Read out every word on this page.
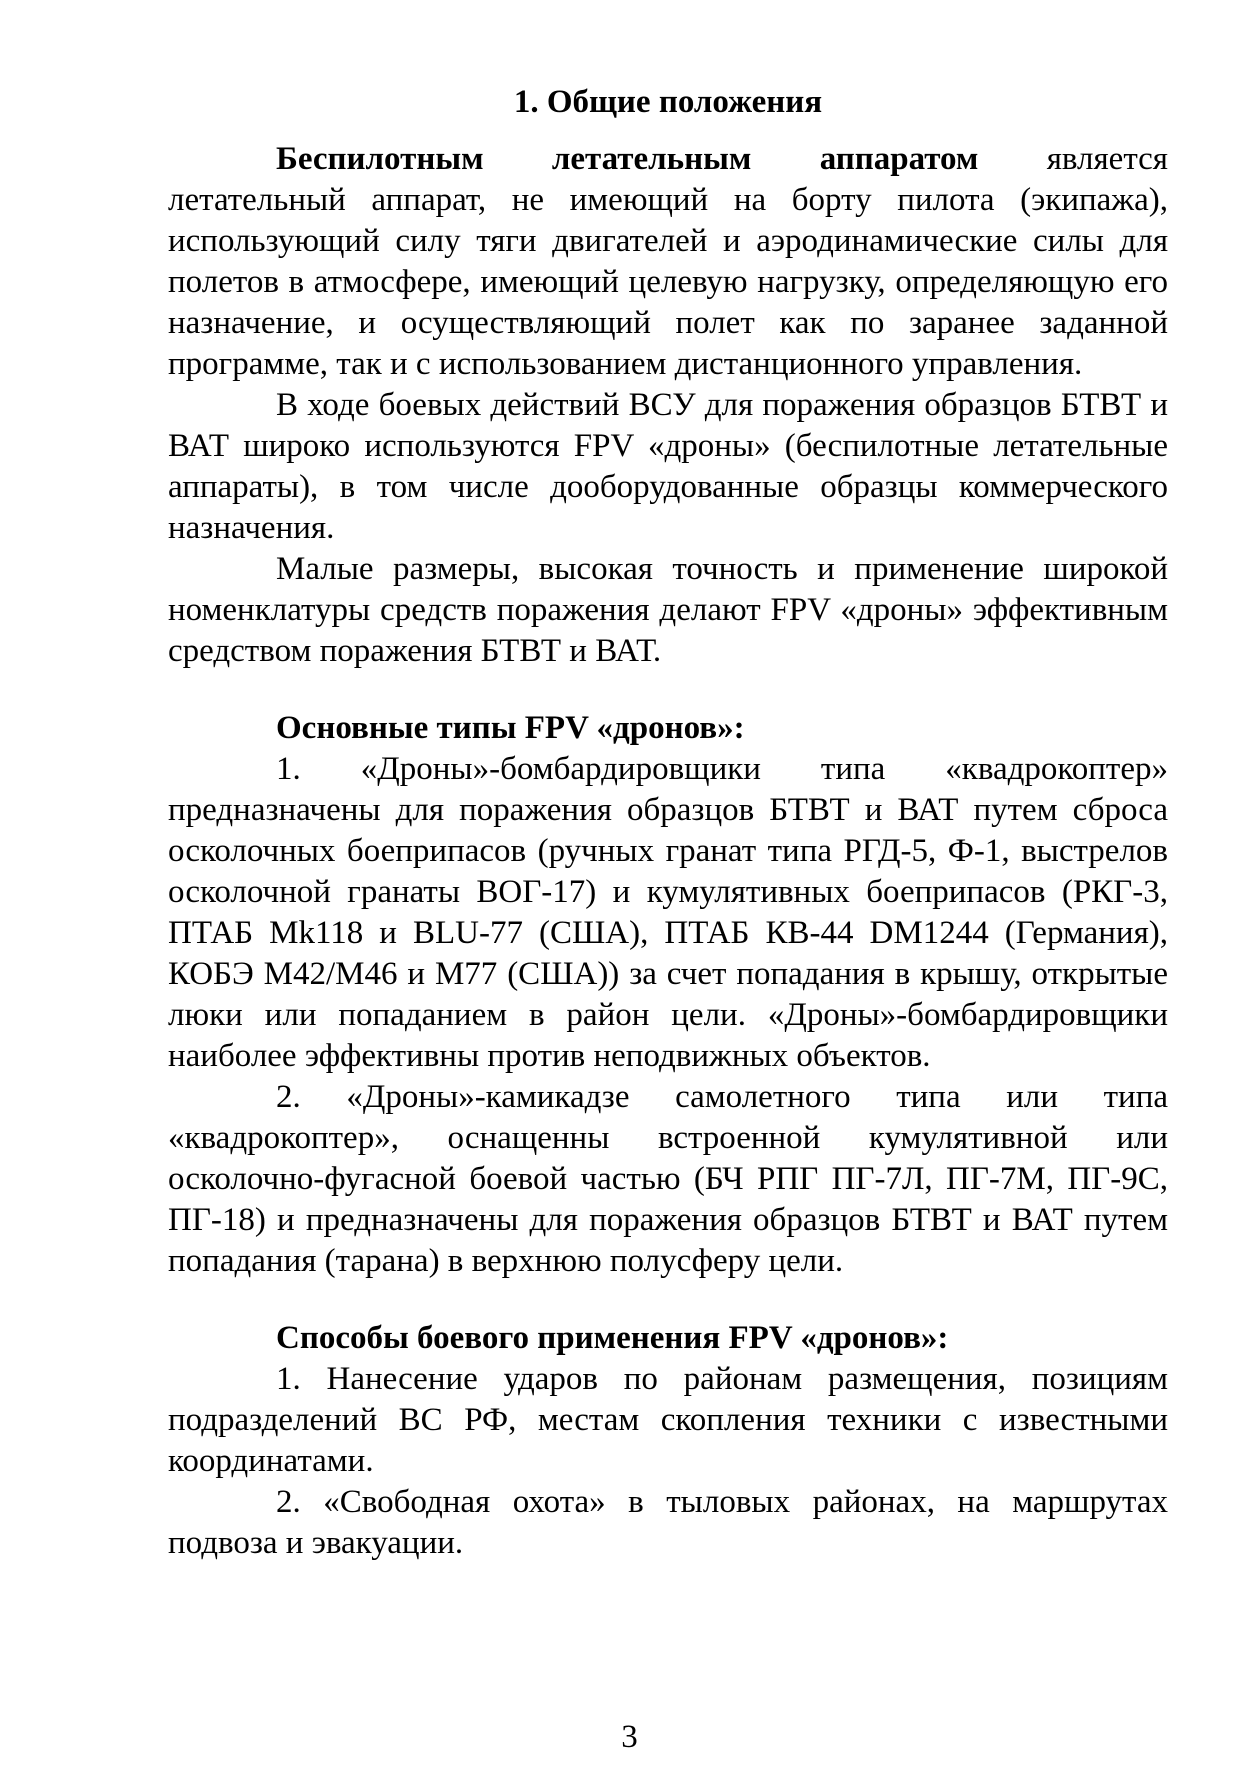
1. Общие положения

Беспилотным летательным аппаратом является летательный аппарат, не имеющий на борту пилота (экипажа), использующий силу тяги двигателей и аэродинамические силы для полетов в атмосфере, имеющий целевую нагрузку, определяющую его назначение, и осуществляющий полет как по заранее заданной программе, так и с использованием дистанционного управления.

В ходе боевых действий ВСУ для поражения образцов БТВТ и ВАТ широко используются FPV «дроны» (беспилотные летательные аппараты), в том числе дооборудованные образцы коммерческого назначения.

Малые размеры, высокая точность и применение широкой номенклатуры средств поражения делают FPV «дроны» эффективным средством поражения БТВТ и ВАТ.

Основные типы FPV «дронов»:

1. «Дроны»-бомбардировщики типа «квадрокоптер» предназначены для поражения образцов БТВТ и ВАТ путем сброса осколочных боеприпасов (ручных гранат типа РГД-5, Ф-1, выстрелов осколочной гранаты ВОГ-17) и кумулятивных боеприпасов (РКГ-3, ПТАБ Mk118 и BLU-77 (США), ПТАБ КВ-44 DM1244 (Германия), КОБЭ М42/М46 и М77 (США)) за счет попадания в крышу, открытые люки или попаданием в район цели. «Дроны»-бомбардировщики наиболее эффективны против неподвижных объектов.

2. «Дроны»-камикадзе самолетного типа или типа «квадрокоптер», оснащенны встроенной кумулятивной или осколочно-фугасной боевой частью (БЧ РПГ ПГ-7Л, ПГ-7М, ПГ-9С, ПГ-18) и предназначены для поражения образцов БТВТ и ВАТ путем попадания (тарана) в верхнюю полусферу цели.

Способы боевого применения FPV «дронов»:

1. Нанесение ударов по районам размещения, позициям подразделений ВС РФ, местам скопления техники с известными координатами.

2. «Свободная охота» в тыловых районах, на маршрутах подвоза и эвакуации.

3
